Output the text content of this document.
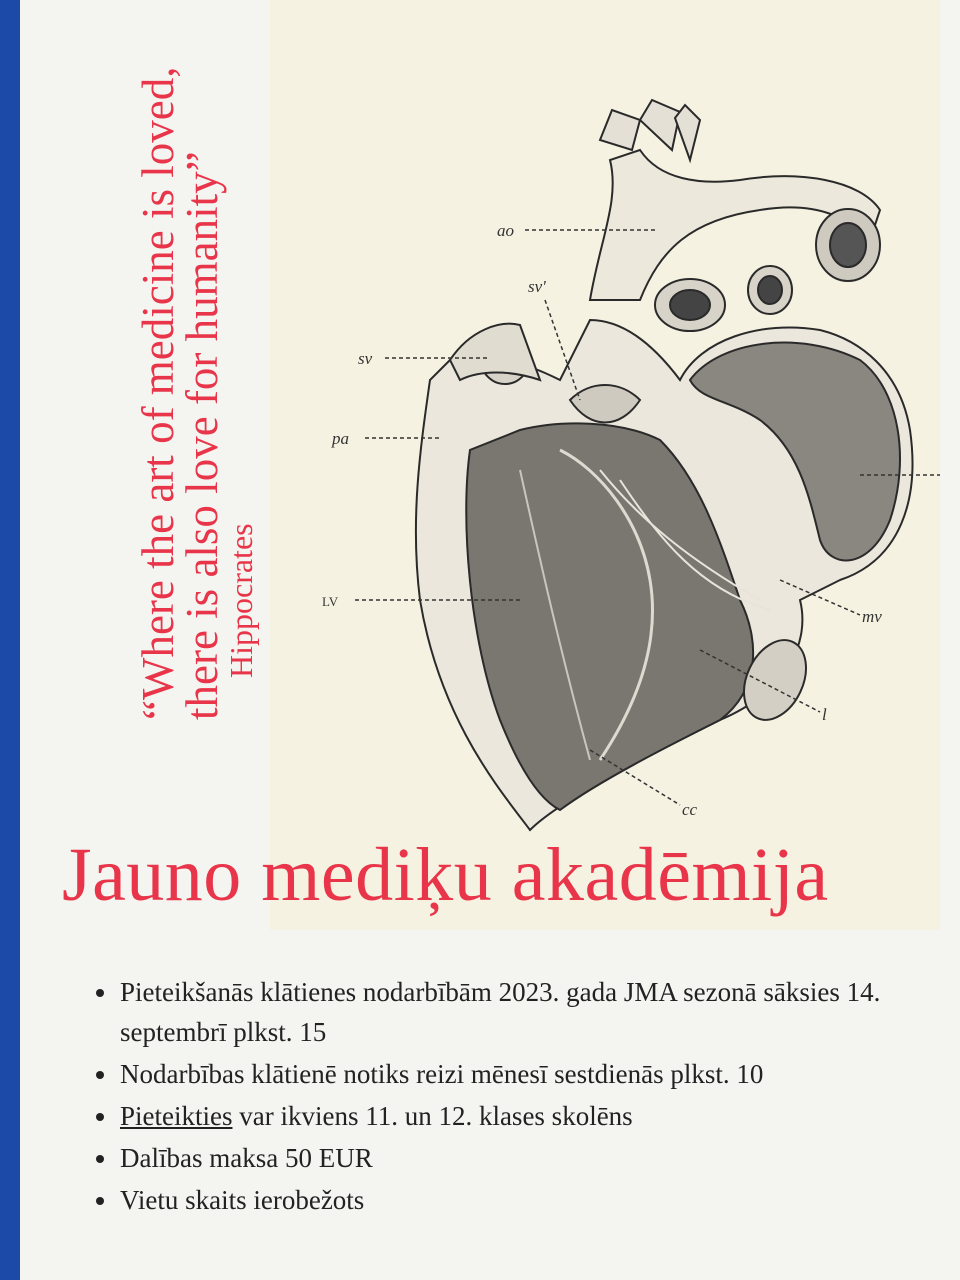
ao
sv'
sv
pa
LV
mv
l
cc

“Where the art of medicine is loved, there is also love for humanity”

Hippocrates

Jauno mediķu akadēmija
Pieteikšanās klātienes nodarbībām 2023. gada JMA sezonā sāksies 14. septembrī plkst. 15
Nodarbības klātienē notiks reizi mēnesī sestdienās plkst. 10
Pieteikties var ikviens 11. un 12. klases skolēns
Dalības maksa 50 EUR
Vietu skaits ierobežots
